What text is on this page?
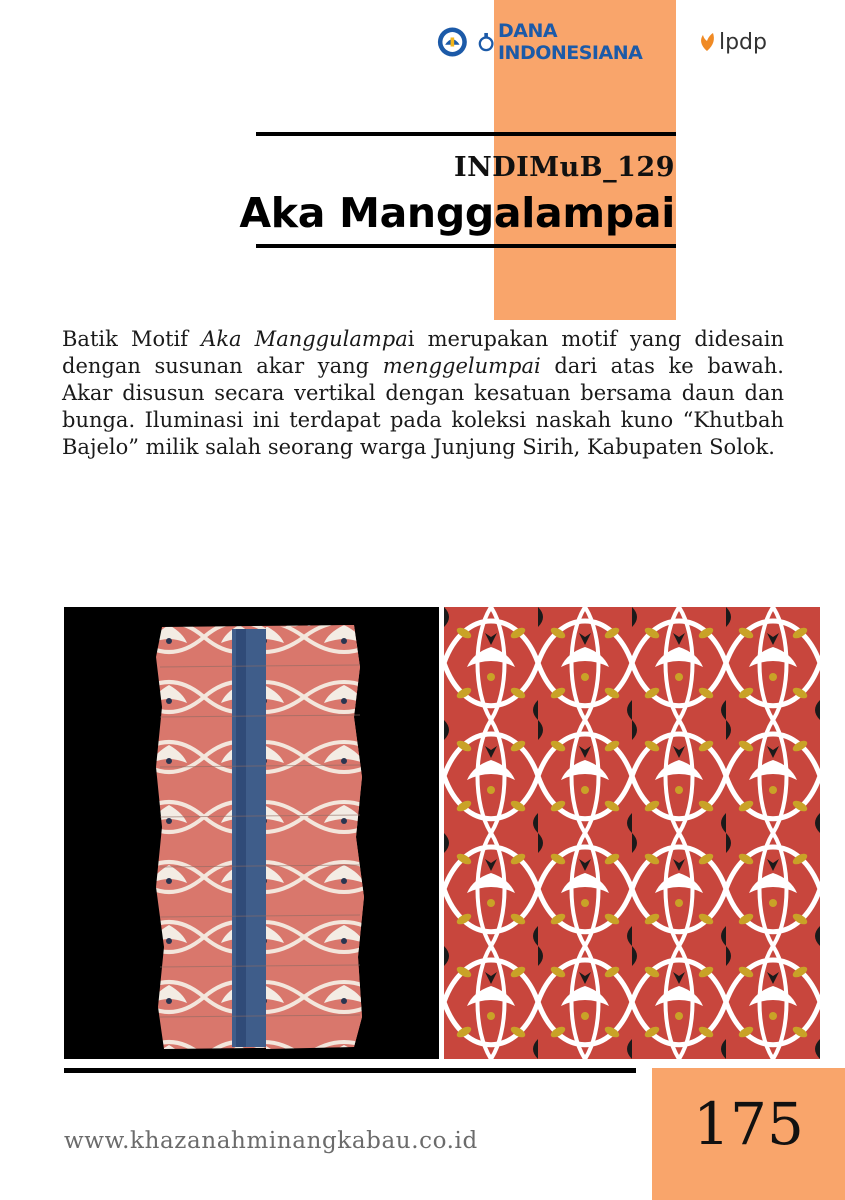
DANA INDONESIANA	lpdp
INDIMuB_129
Aka Manggalampai

Batik Motif Aka Manggulampai merupakan motif yang didesain dengan susunan akar yang menggelumpai dari atas ke bawah. Akar disusun secara vertikal dengan kesatuan bersama daun dan bunga. Iluminasi ini terdapat pada koleksi naskah kuno “Khutbah Bajelo” milik salah seorang warga Junjung Sirih, Kabupaten Solok.

175
www.khazanahminangkabau.co.id
